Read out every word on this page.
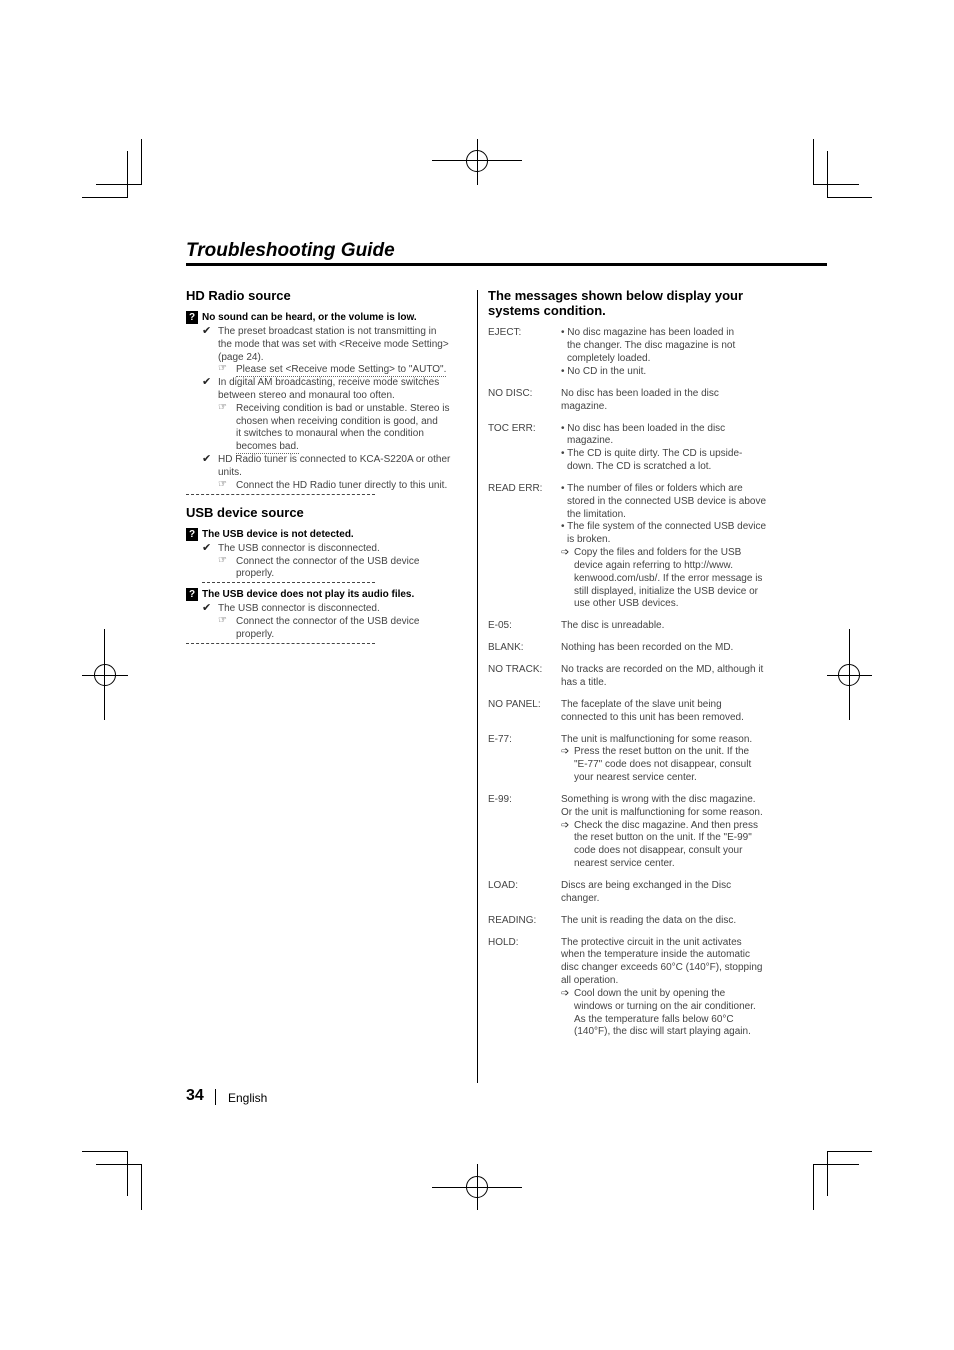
Troubleshooting Guide
HD Radio source
? No sound can be heard, or the volume is low.
✔ The preset broadcast station is not transmitting in
the mode that was set with <Receive mode Setting>
(page 24).
☞ Please set <Receive mode Setting> to "AUTO".
✔ In digital AM broadcasting, receive mode switches
between stereo and monaural too often.
☞ Receiving condition is bad or unstable. Stereo is
chosen when receiving condition is good, and
it switches to monaural when the condition
becomes bad.
✔ HD Radio tuner is connected to KCA-S220A or other
units.
☞ Connect the HD Radio tuner directly to this unit.
USB device source
? The USB device is not detected.
✔ The USB connector is disconnected.
☞ Connect the connector of the USB device
properly.
? The USB device does not play its audio files.
✔ The USB connector is disconnected.
☞ Connect the connector of the USB device
properly.
The messages shown below display your
systems condition.
EJECT:	• No disc magazine has been loaded in
the changer. The disc magazine is not
completely loaded.
• No CD in the unit.
NO DISC:	No disc has been loaded in the disc
magazine.
TOC ERR:	• No disc has been loaded in the disc
magazine.
• The CD is quite dirty. The CD is upside-
down. The CD is scratched a lot.
READ ERR: • The number of files or folders which are
stored in the connected USB device is above
the limitation.
• The file system of the connected USB device
is broken.
➩ Copy the files and folders for the USB
device again referring to http://www.
kenwood.com/usb/. If the error message is
still displayed, initialize the USB device or
use other USB devices.
E-05:	The disc is unreadable.
BLANK:	Nothing has been recorded on the MD.
NO TRACK: No tracks are recorded on the MD, although it
has a title.
NO PANEL: The faceplate of the slave unit being
connected to this unit has been removed.
E-77:	The unit is malfunctioning for some reason.
➩ Press the reset button on the unit. If the
"E-77" code does not disappear, consult
your nearest service center.
E-99:	Something is wrong with the disc magazine.
Or the unit is malfunctioning for some reason.
➩ Check the disc magazine. And then press
the reset button on the unit. If the "E-99"
code does not disappear, consult your
nearest service center.
LOAD:	Discs are being exchanged in the Disc
changer.
READING: The unit is reading the data on the disc.
HOLD:	The protective circuit in the unit activates
when the temperature inside the automatic
disc changer exceeds 60°C (140°F), stopping
all operation.
➩ Cool down the unit by opening the
windows or turning on the air conditioner.
As the temperature falls below 60°C
(140°F), the disc will start playing again.
34 English
